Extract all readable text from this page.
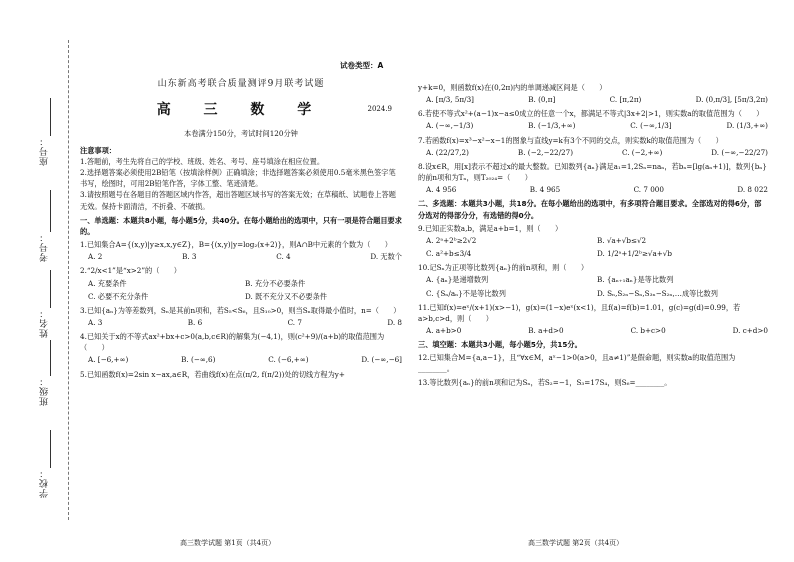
学校：
班级：
姓名：
考号：
座号：
试卷类型：A
山东新高考联合质量测评9月联考试题
高 三 数 学	2024.9
本卷满分150分，考试时间120分钟
注意事项：
1.答题前，考生先将自己的学校、班级、姓名、考号、座号填涂在相应位置。
2.选择题答案必须使用2B铅笔（按填涂样例）正确填涂；非选择题答案必须使用0.5毫米黑色签字笔书写，绘图时，可用2B铅笔作答，字体工整、笔迹清楚。
3.请按照题号在各题目的答题区域内作答，超出答题区域书写的答案无效；在草稿纸、试题卷上答题无效。保持卡面清洁，不折叠、不破损。
一、单选题：本题共8小题，每小题5分，共40分。在每小题给出的选项中，只有一项是符合题目要求的。
1.已知集合A={(x,y)|y≥x,x,y∈Z}，B={(x,y)|y=log₂(x+2)}，则A∩B中元素的个数为（　　）
A. 2	B. 3	C. 4	D. 无数个
2.“2/x<1”是“x>2”的（　　）
A. 充要条件	B. 充分不必要条件
C. 必要不充分条件	D. 既不充分又不必要条件
3.已知{aₙ}为等差数列，Sₙ是其前n项和，若S₅<S₆，且S₁₀>0，则当Sₙ取得最小值时，n=（　　）
A. 3	B. 6	C. 7	D. 8
4.已知关于x的不等式ax²+bx+c>0(a,b,c∈R)的解集为(−4,1)，则(c²+9)/(a+b)的取值范围为（　　）
A. [−6,+∞)	B. (−∞,6)	C. (−6,+∞)	D. (−∞,−6]
5.已知函数f(x)=2sin x−ax,a∈R，若曲线f(x)在点(π/2, f(π/2))处的切线方程为y+
y+k=0，则函数f(x)在(0,2π)内的单调递减区间是（　　）
A. [π/3, 5π/3]	B. (0,π]	C. [π,2π)	D. (0,π/3], [5π/3,2π)
6.若使不等式x²+(a−1)x−a≤0成立的任意一个x，都满足不等式|3x+2|>1，则实数a的取值范围为（　　）
A. (−∞,−1/3)	B. (−1/3,+∞)	C. (−∞,1/3]	D. (1/3,+∞)
7.若函数f(x)=x³−x²−x−1的图象与直线y=k有3个不同的交点，则实数k的取值范围为（　　）
A. (22/27,2)	B. (−2,−22/27)	C. (−2,+∞)	D. (−∞,−22/27)
8.设x∈R，用[x]表示不超过x的最大整数。已知数列{aₙ}满足a₁=1,2Sₙ=naₙ，若bₙ=[lg(aₙ+1)]，数列{bₙ}的前n项和为Tₙ，则T₂₀₂₄=（　　）
A. 4 956	B. 4 965	C. 7 000	D. 8 022
二、多选题：本题共3小题，共18分。在每小题给出的选项中，有多项符合题目要求。全部选对的得6分，部分选对的得部分分，有选错的得0分。
9.已知正实数a,b，满足a+b=1，则（　　）
A. 2ᵃ+2ᵇ≥2√2	B. √a+√b≤√2
C. a²+b≤3/4	D. 1/2ᵃ+1/2ᵇ≥√a+√b
10.记Sₙ为正项等比数列{aₙ}的前n项和，则（　　）
A. {aₙ}是递增数列	B. {aₙ₊₁aₙ}是等比数列
C. {Sₙ/aₙ}不是等比数列	D. Sₙ,S₂ₙ−Sₙ,S₃ₙ−S₂ₙ,…成等比数列
11.已知f(x)=eˣ/(x+1)(x>−1)，g(x)=(1−x)eˣ(x<1)，且f(a)=f(b)=1.01，g(c)=g(d)=0.99，若a>b,c>d，则（　　）
A. a+b>0	B. a+d>0	C. b+c>0	D. c+d>0
三、填空题：本题共3小题，每小题5分，共15分。
12.已知集合M={a,a−1}，且“∀x∈M，aˣ−1>0(a>0，且a≠1)”是假命题，则实数a的取值范围为________。
13.等比数列{aₙ}的前n项和记为Sₙ，若S₂=−1，S₃=17S₄，则S₆=________。
高三数学试题 第1页（共4页）	高三数学试题 第2页（共4页）
